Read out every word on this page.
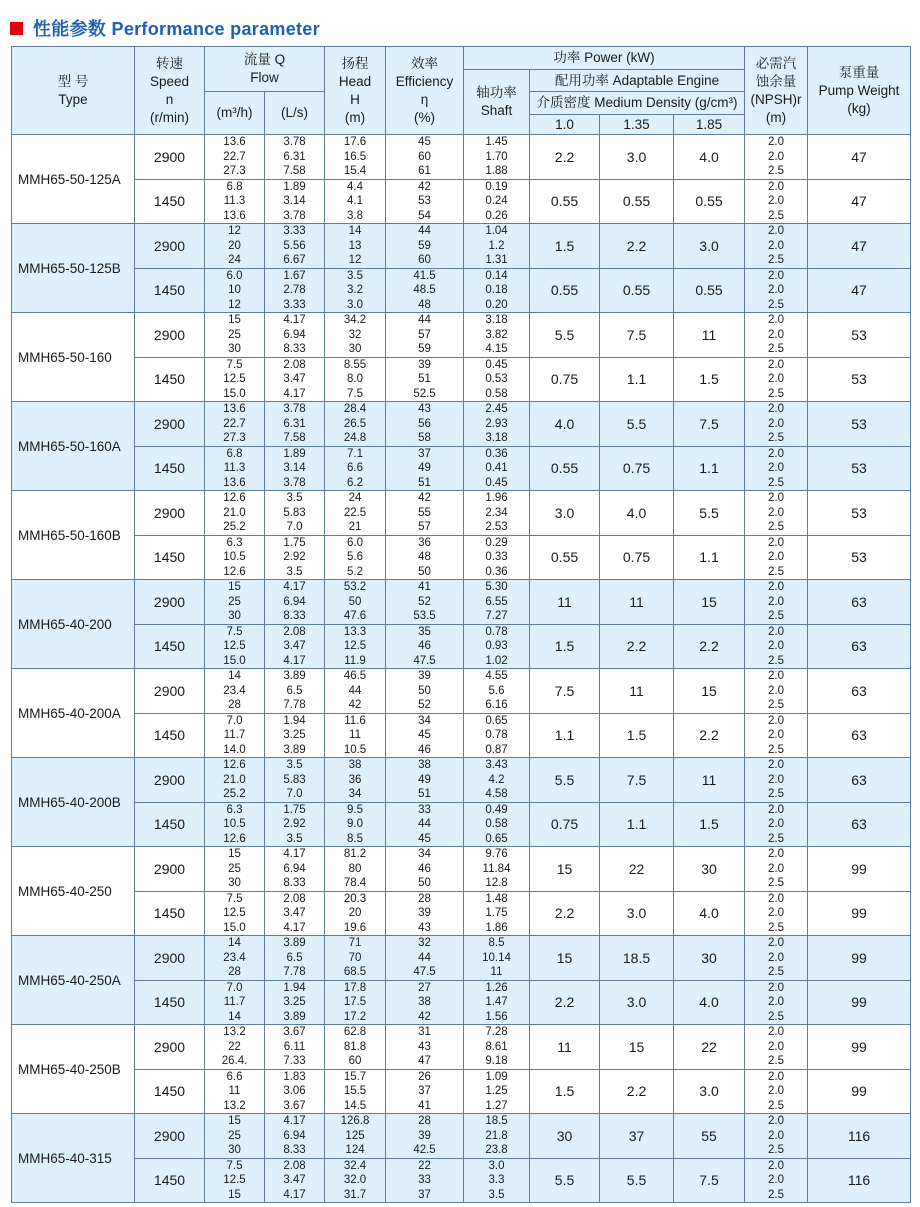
性能参数 Performance parameter
型 号
Type	转速
Speed
n
(r/min)	流量 Q
Flow		扬程
Head
H
(m)	效率
Efficiency
η
(%)	功率 Power (kW)				必需汽
蚀余量
(NPSH)r
(m)	泵重量
Pump Weight
(kg)
						轴功率
Shaft	配用功率 Adaptable Engine				
		(m³/h)	(L/s)				介质密度 Medium Density (g/cm³)				
							1.0	1.35	1.85		
MMH65-50-125A	2900	13.6
22.7
27.3	3.78
6.31
7.58	17.6
16.5
15.4	45
60
61	1.45
1.70
1.88	2.2	3.0	4.0	2.0
2.0
2.5	47
	1450	6.8
11.3
13.6	1.89
3.14
3.78	4.4
4.1
3.8	42
53
54	0.19
0.24
0.26	0.55	0.55	0.55	2.0
2.0
2.5	47
MMH65-50-125B	2900	12
20
24	3.33
5.56
6.67	14
13
12	44
59
60	1.04
1.2
1.31	1.5	2.2	3.0	2.0
2.0
2.5	47
	1450	6.0
10
12	1.67
2.78
3.33	3.5
3.2
3.0	41.5
48.5
48	0.14
0.18
0.20	0.55	0.55	0.55	2.0
2.0
2.5	47
MMH65-50-160	2900	15
25
30	4.17
6.94
8.33	34.2
32
30	44
57
59	3.18
3.82
4.15	5.5	7.5	11	2.0
2.0
2.5	53
	1450	7.5
12.5
15.0	2.08
3.47
4.17	8.55
8.0
7.5	39
51
52.5	0.45
0.53
0.58	0.75	1.1	1.5	2.0
2.0
2.5	53
MMH65-50-160A	2900	13.6
22.7
27.3	3.78
6.31
7.58	28.4
26.5
24.8	43
56
58	2.45
2.93
3.18	4.0	5.5	7.5	2.0
2.0
2.5	53
	1450	6.8
11.3
13.6	1.89
3.14
3.78	7.1
6.6
6.2	37
49
51	0.36
0.41
0.45	0.55	0.75	1.1	2.0
2.0
2.5	53
MMH65-50-160B	2900	12.6
21.0
25.2	3.5
5.83
7.0	24
22.5
21	42
55
57	1.96
2.34
2.53	3.0	4.0	5.5	2.0
2.0
2.5	53
	1450	6.3
10.5
12.6	1.75
2.92
3.5	6.0
5.6
5.2	36
48
50	0.29
0.33
0.36	0.55	0.75	1.1	2.0
2.0
2.5	53
MMH65-40-200	2900	15
25
30	4.17
6.94
8.33	53.2
50
47.6	41
52
53.5	5.30
6.55
7.27	11	11	15	2.0
2.0
2.5	63
	1450	7.5
12.5
15.0	2.08
3.47
4.17	13.3
12.5
11.9	35
46
47.5	0.78
0.93
1.02	1.5	2.2	2.2	2.0
2.0
2.5	63
MMH65-40-200A	2900	14
23.4
28	3.89
6.5
7.78	46.5
44
42	39
50
52	4.55
5.6
6.16	7.5	11	15	2.0
2.0
2.5	63
	1450	7.0
11.7
14.0	1.94
3.25
3.89	11.6
11
10.5	34
45
46	0.65
0.78
0.87	1.1	1.5	2.2	2.0
2.0
2.5	63
MMH65-40-200B	2900	12.6
21.0
25.2	3.5
5.83
7.0	38
36
34	38
49
51	3.43
4.2
4.58	5.5	7.5	11	2.0
2.0
2.5	63
	1450	6.3
10.5
12.6	1.75
2.92
3.5	9.5
9.0
8.5	33
44
45	0.49
0.58
0.65	0.75	1.1	1.5	2.0
2.0
2.5	63
MMH65-40-250	2900	15
25
30	4.17
6.94
8.33	81.2
80
78.4	34
46
50	9.76
11.84
12.8	15	22	30	2.0
2.0
2.5	99
	1450	7.5
12.5
15.0	2.08
3.47
4.17	20.3
20
19.6	28
39
43	1.48
1.75
1.86	2.2	3.0	4.0	2.0
2.0
2.5	99
MMH65-40-250A	2900	14
23.4
28	3.89
6.5
7.78	71
70
68.5	32
44
47.5	8.5
10.14
11	15	18.5	30	2.0
2.0
2.5	99
	1450	7.0
11.7
14	1.94
3.25
3.89	17.8
17.5
17.2	27
38
42	1.26
1.47
1.56	2.2	3.0	4.0	2.0
2.0
2.5	99
MMH65-40-250B	2900	13.2
22
26.4.	3.67
6.11
7.33	62.8
81.8
60	31
43
47	7.28
8.61
9.18	11	15	22	2.0
2.0
2.5	99
	1450	6.6
11
13.2	1.83
3.06
3.67	15.7
15.5
14.5	26
37
41	1.09
1.25
1.27	1.5	2.2	3.0	2.0
2.0
2.5	99
MMH65-40-315	2900	15
25
30	4.17
6.94
8.33	126.8
125
124	28
39
42.5	18.5
21.8
23.8	30	37	55	2.0
2.0
2.5	116
	1450	7.5
12.5
15	2.08
3.47
4.17	32.4
32.0
31.7	22
33
37	3.0
3.3
3.5	5.5	5.5	7.5	2.0
2.0
2.5	116
